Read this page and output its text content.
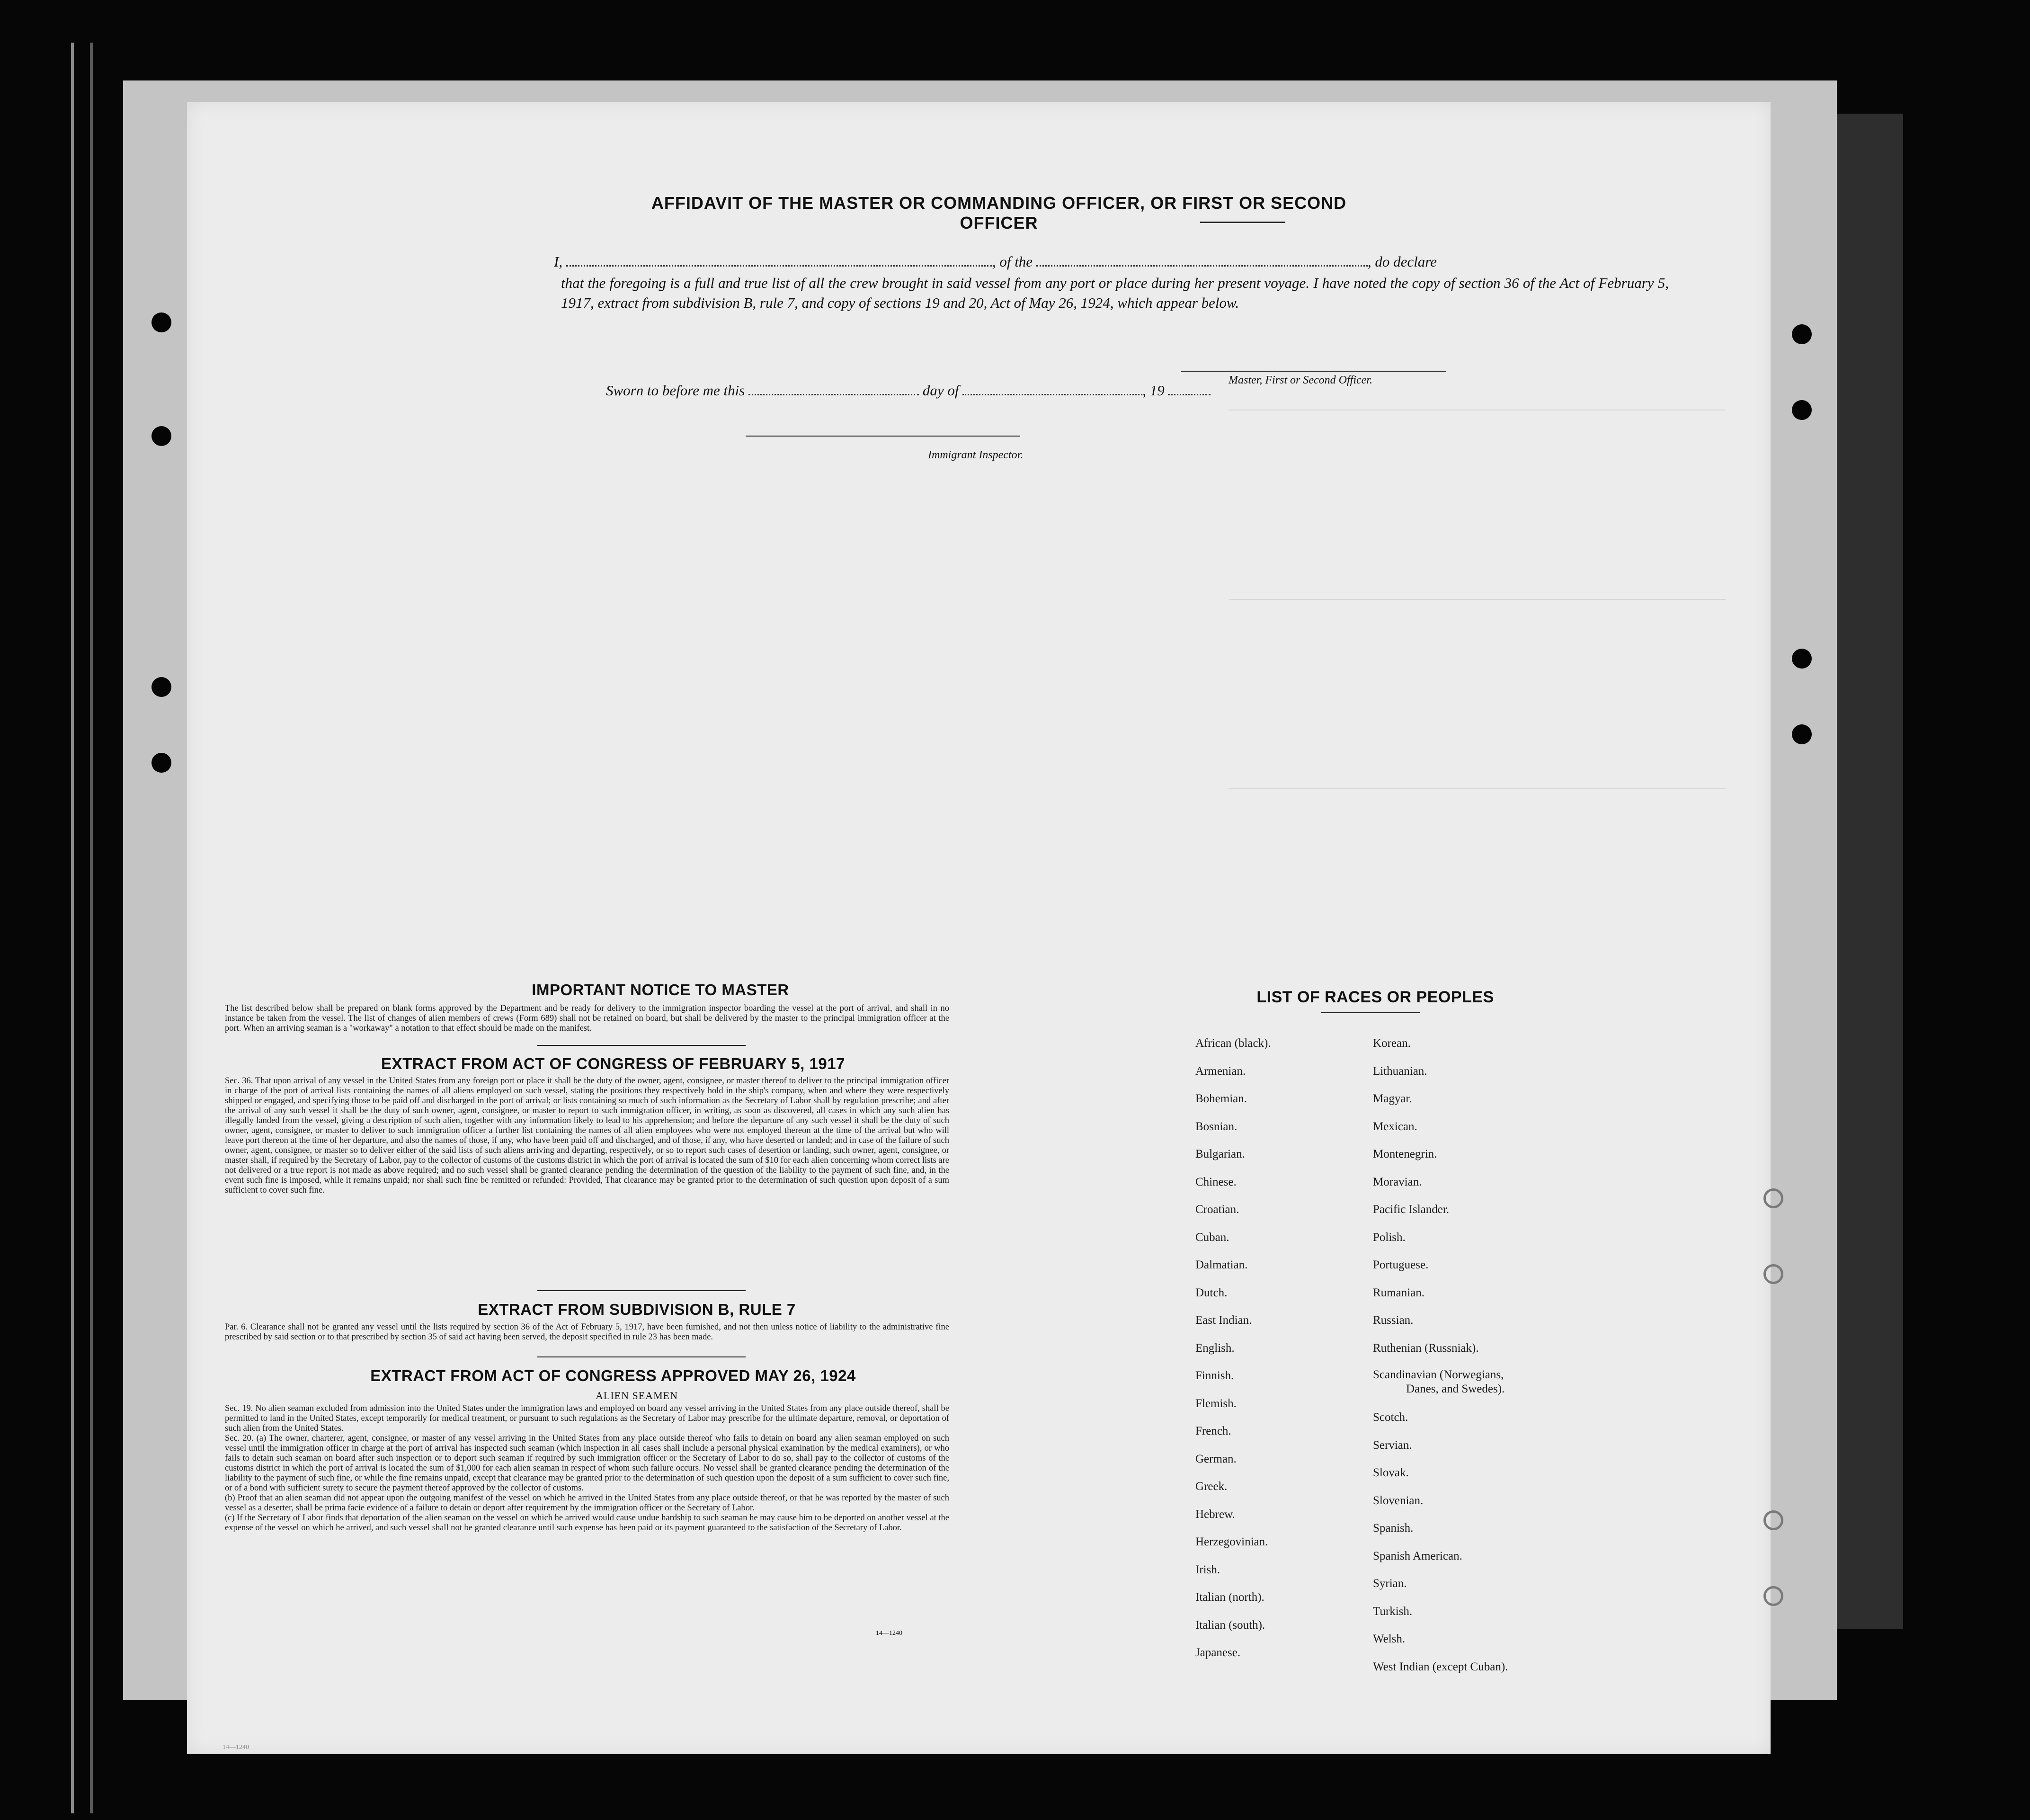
AFFIDAVIT OF THE MASTER OR COMMANDING OFFICER, OR FIRST OR SECOND OFFICER
I,	, of the	, do declare
that the foregoing is a full and true list of all the crew brought in said vessel from any port or place during her present voyage. I have noted the copy of section 36 of the Act of February 5, 1917, extract from subdivision B, rule 7, and copy of sections 19 and 20, Act of May 26, 1924, which appear below.
Master, First or Second Officer.
Sworn to before me this	day of	, 19
Immigrant Inspector.
IMPORTANT NOTICE TO MASTER
The list described below shall be prepared on blank forms approved by the Department and be ready for delivery to the immigration inspector boarding the vessel at the port of arrival, and shall in no instance be taken from the vessel. The list of changes of alien members of crews (Form 689) shall not be retained on board, but shall be delivered by the master to the principal immigration officer at the port. When an arriving seaman is a "workaway" a notation to that effect should be made on the manifest.
EXTRACT FROM ACT OF CONGRESS OF FEBRUARY 5, 1917
Sec. 36. That upon arrival of any vessel in the United States from any foreign port or place it shall be the duty of the owner, agent, consignee, or master thereof to deliver to the principal immigration officer in charge of the port of arrival lists containing the names of all aliens employed on such vessel, stating the positions they respectively hold in the ship's company, when and where they were respectively shipped or engaged, and specifying those to be paid off and discharged in the port of arrival; or lists containing so much of such information as the Secretary of Labor shall by regulation prescribe; and after the arrival of any such vessel it shall be the duty of such owner, agent, consignee, or master to report to such immigration officer, in writing, as soon as discovered, all cases in which any such alien has illegally landed from the vessel, giving a description of such alien, together with any information likely to lead to his apprehension; and before the departure of any such vessel it shall be the duty of such owner, agent, consignee, or master to deliver to such immigration officer a further list containing the names of all alien employees who were not employed thereon at the time of the arrival but who will leave port thereon at the time of her departure, and also the names of those, if any, who have been paid off and discharged, and of those, if any, who have deserted or landed; and in case of the failure of such owner, agent, consignee, or master so to deliver either of the said lists of such aliens arriving and departing, respectively, or so to report such cases of desertion or landing, such owner, agent, consignee, or master shall, if required by the Secretary of Labor, pay to the collector of customs of the customs district in which the port of arrival is located the sum of $10 for each alien concerning whom correct lists are not delivered or a true report is not made as above required; and no such vessel shall be granted clearance pending the determination of the question of the liability to the payment of such fine, and, in the event such fine is imposed, while it remains unpaid; nor shall such fine be remitted or refunded: Provided, That clearance may be granted prior to the determination of such question upon deposit of a sum sufficient to cover such fine.
EXTRACT FROM SUBDIVISION B, RULE 7
Par. 6. Clearance shall not be granted any vessel until the lists required by section 36 of the Act of February 5, 1917, have been furnished, and not then unless notice of liability to the administrative fine prescribed by said section or to that prescribed by section 35 of said act having been served, the deposit specified in rule 23 has been made.
EXTRACT FROM ACT OF CONGRESS APPROVED MAY 26, 1924
ALIEN SEAMEN
Sec. 19. No alien seaman excluded from admission into the United States under the immigration laws and employed on board any vessel arriving in the United States from any place outside thereof, shall be permitted to land in the United States, except temporarily for medical treatment, or pursuant to such regulations as the Secretary of Labor may prescribe for the ultimate departure, removal, or deportation of such alien from the United States.
Sec. 20. (a) The owner, charterer, agent, consignee, or master of any vessel arriving in the United States from any place outside thereof who fails to detain on board any alien seaman employed on such vessel until the immigration officer in charge at the port of arrival has inspected such seaman (which inspection in all cases shall include a personal physical examination by the medical examiners), or who fails to detain such seaman on board after such inspection or to deport such seaman if required by such immigration officer or the Secretary of Labor to do so, shall pay to the collector of customs of the customs district in which the port of arrival is located the sum of $1,000 for each alien seaman in respect of whom such failure occurs. No vessel shall be granted clearance pending the determination of the liability to the payment of such fine, or while the fine remains unpaid, except that clearance may be granted prior to the determination of such question upon the deposit of a sum sufficient to cover such fine, or of a bond with sufficient surety to secure the payment thereof approved by the collector of customs.
(b) Proof that an alien seaman did not appear upon the outgoing manifest of the vessel on which he arrived in the United States from any place outside thereof, or that he was reported by the master of such vessel as a deserter, shall be prima facie evidence of a failure to detain or deport after requirement by the immigration officer or the Secretary of Labor.
(c) If the Secretary of Labor finds that deportation of the alien seaman on the vessel on which he arrived would cause undue hardship to such seaman he may cause him to be deported on another vessel at the expense of the vessel on which he arrived, and such vessel shall not be granted clearance until such expense has been paid or its payment guaranteed to the satisfaction of the Secretary of Labor.
14—1240
LIST OF RACES OR PEOPLES
African (black).
Armenian.
Bohemian.
Bosnian.
Bulgarian.
Chinese.
Croatian.
Cuban.
Dalmatian.
Dutch.
East Indian.
English.
Finnish.
Flemish.
French.
German.
Greek.
Hebrew.
Herzegovinian.
Irish.
Italian (north).
Italian (south).
Japanese.
Korean.
Lithuanian.
Magyar.
Mexican.
Montenegrin.
Moravian.
Pacific Islander.
Polish.
Portuguese.
Rumanian.
Russian.
Ruthenian (Russniak).
Scandinavian (Norwegians,
Danes, and Swedes).
Scotch.
Servian.
Slovak.
Slovenian.
Spanish.
Spanish American.
Syrian.
Turkish.
Welsh.
West Indian (except Cuban).
14—1240
